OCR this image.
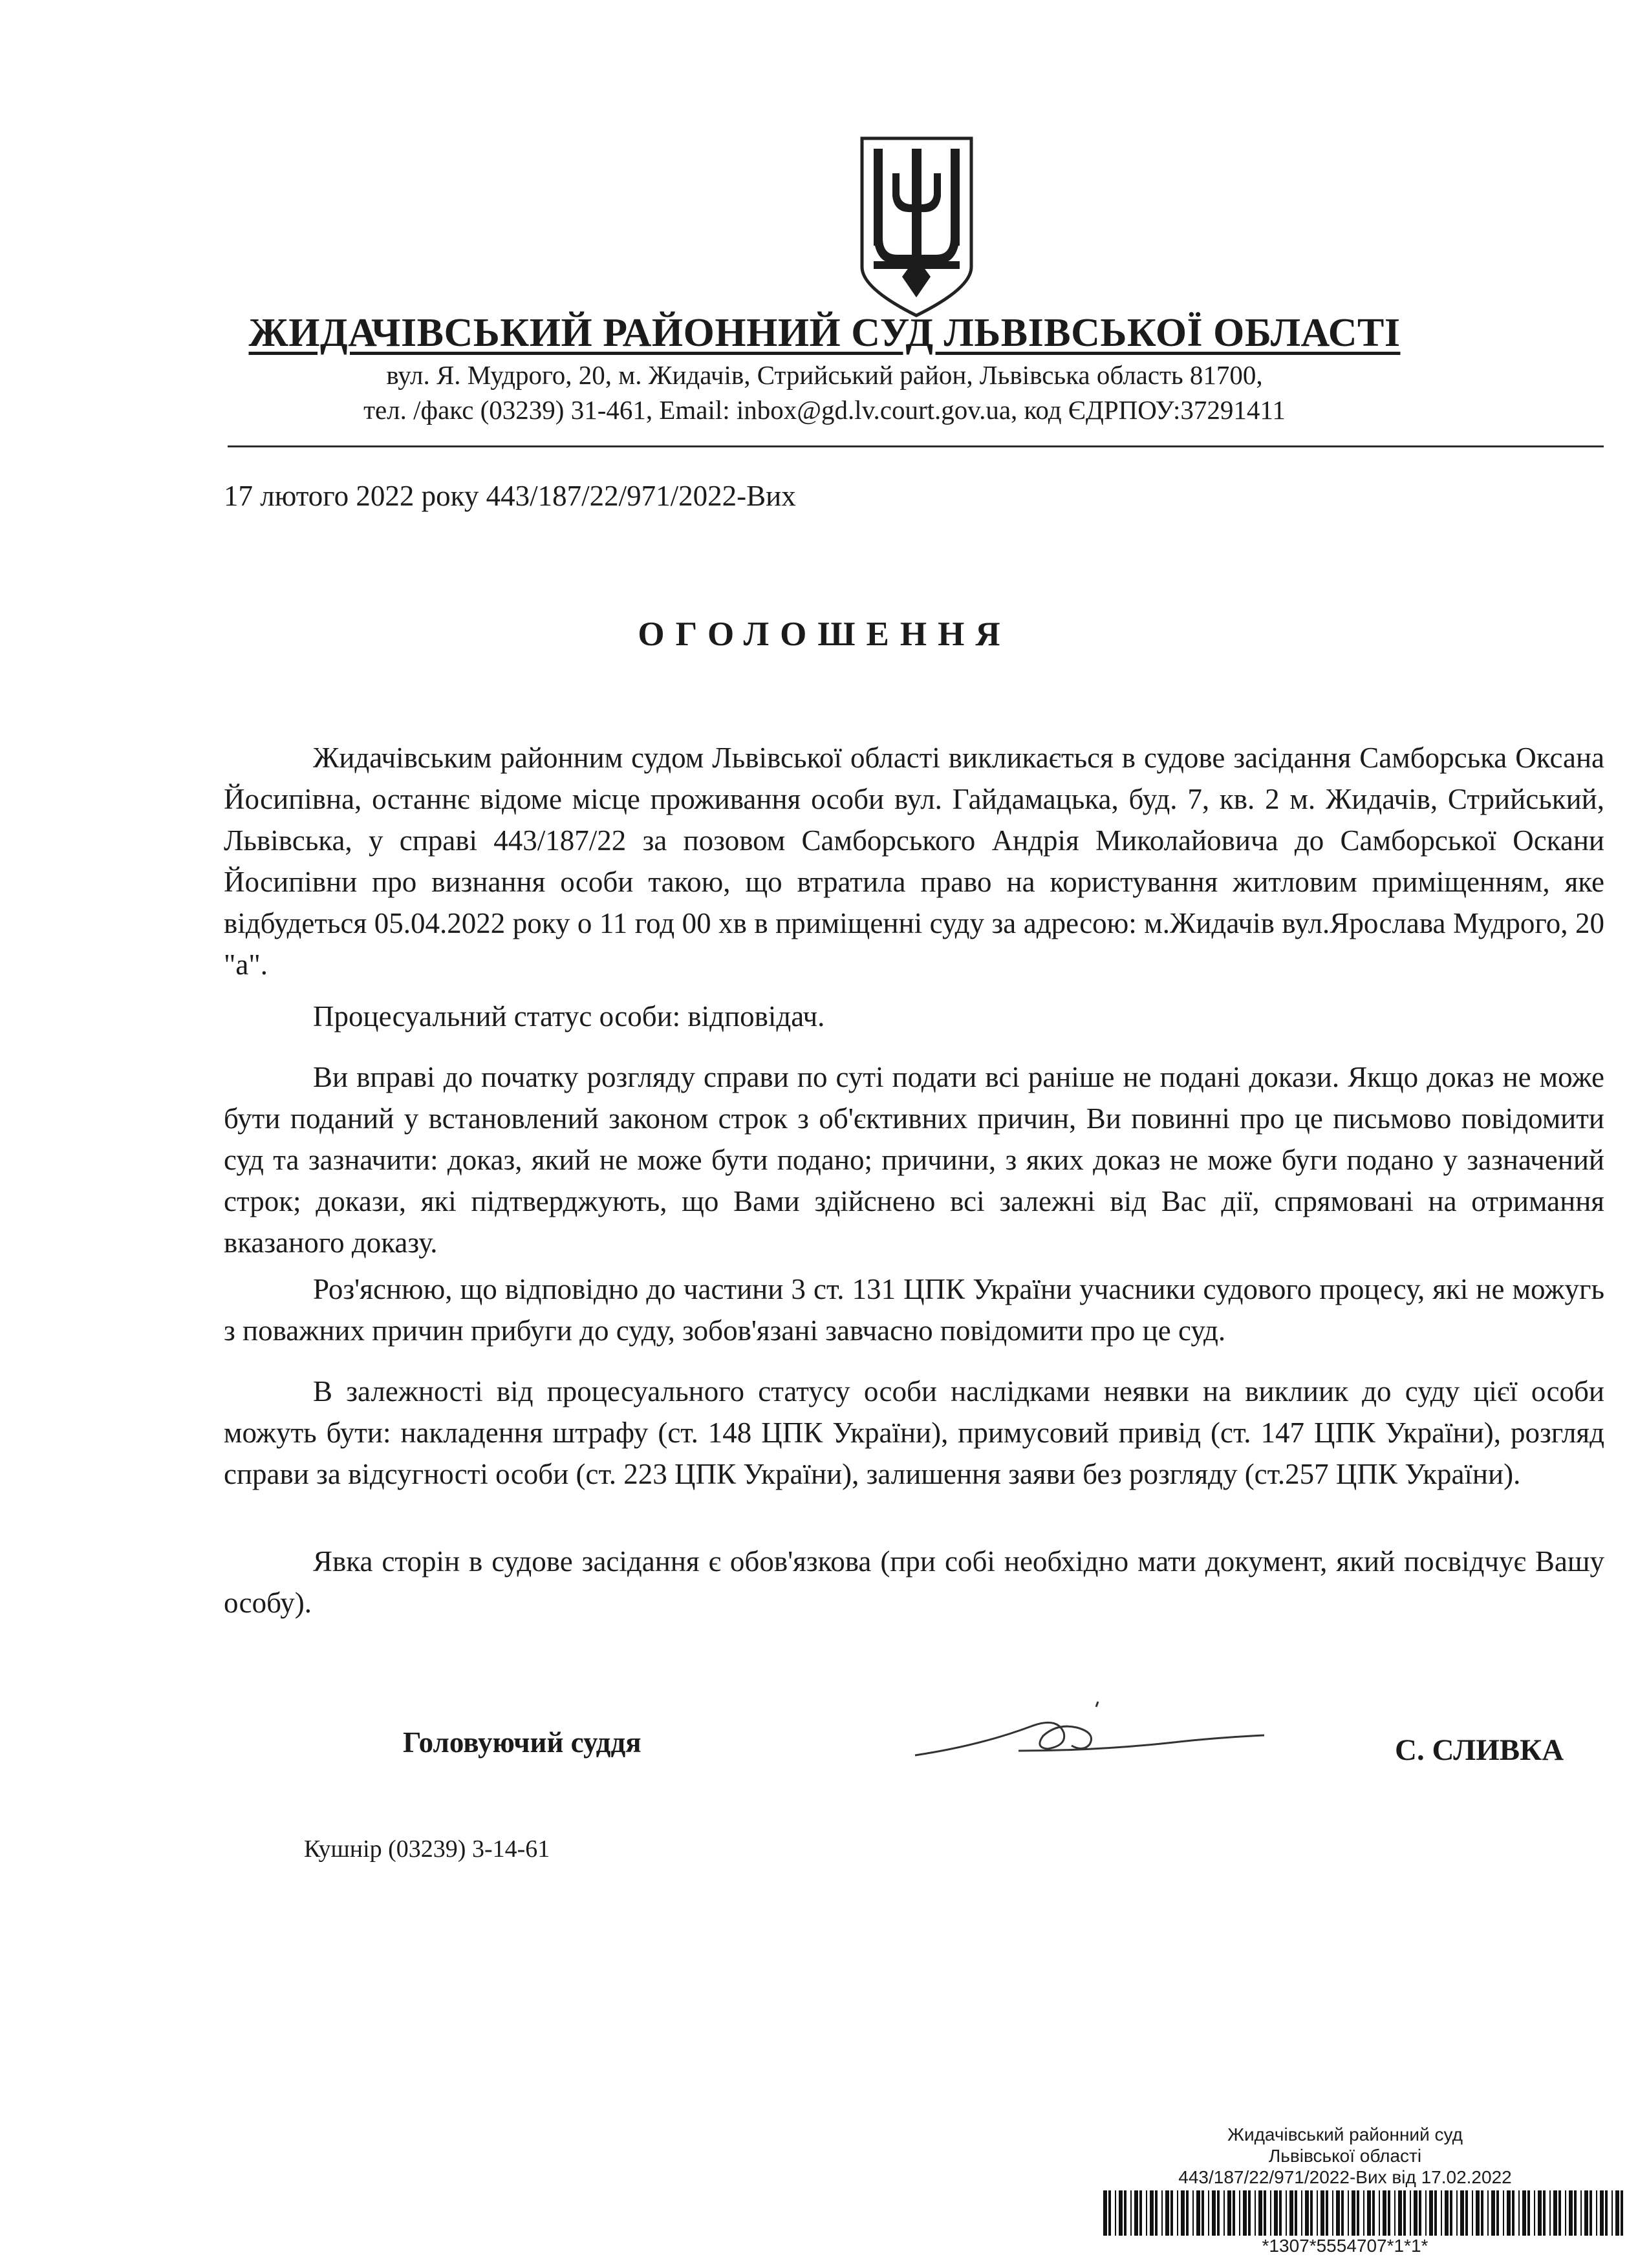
ЖИДАЧІВСЬКИЙ РАЙОННИЙ СУД ЛЬВІВСЬКОЇ ОБЛАСТІ
вул. Я. Мудрого, 20, м. Жидачів, Стрийський район, Львівська область 81700,
тел. /факс (03239) 31-461, Email: inbox@gd.lv.court.gov.ua, код ЄДРПОУ:37291411
17 лютого 2022 року 443/187/22/971/2022-Вих
ОГОЛОШЕННЯ

Жидачівським районним судом Львівської області викликається в судове засідання Самборська Оксана Йосипівна, останнє відоме місце проживання особи вул. Гайдамацька, буд. 7, кв. 2 м. Жидачів, Стрийський, Львівська, у справі 443/187/22 за позовом Самборського Андрія Миколайовича до Самборської Оскани Йосипівни про визнання особи такою, що втратила право на користування житловим приміщенням, яке відбудеться 05.04.2022 року о 11 год 00 хв в приміщенні суду за адресою: м.Жидачів вул.Ярослава Мудрого, 20 "а".

Процесуальний статус особи: відповідач.

Ви вправі до початку розгляду справи по суті подати всі раніше не подані докази. Якщо доказ не може бути поданий у встановлений законом строк з об'єктивних причин, Ви повинні про це письмово повідомити суд та зазначити: доказ, який не може бути подано; причини, з яких доказ не може буги подано у зазначений строк; докази, які підтверджують, що Вами здійснено всі залежні від Вас дії, спрямовані на отримання вказаного доказу.

Роз'яснюю, що відповідно до частини 3 ст. 131 ЦПК України учасники судового процесу, які не можугь з поважних причин прибуги до суду, зобов'язані завчасно повідомити про це суд.

В залежності від процесуального статусу особи наслідками неявки на виклиик до суду цієї особи можуть бути: накладення штрафу (ст. 148 ЦПК України), примусовий привід (ст. 147 ЦПК України), розгляд справи за відсугності особи (ст. 223 ЦПК України), залишення заяви без розгляду (ст.257 ЦПК України).

Явка сторін в судове засідання є обов'язкова (при собі необхідно мати документ, який посвідчує Вашу особу).

Головуючий суддя	С. СЛИВКА
Кушнір (03239) 3-14-61
Жидачівський районний суд
Львівської області
443/187/22/971/2022-Вих від 17.02.2022
*1307*5554707*1*1*
